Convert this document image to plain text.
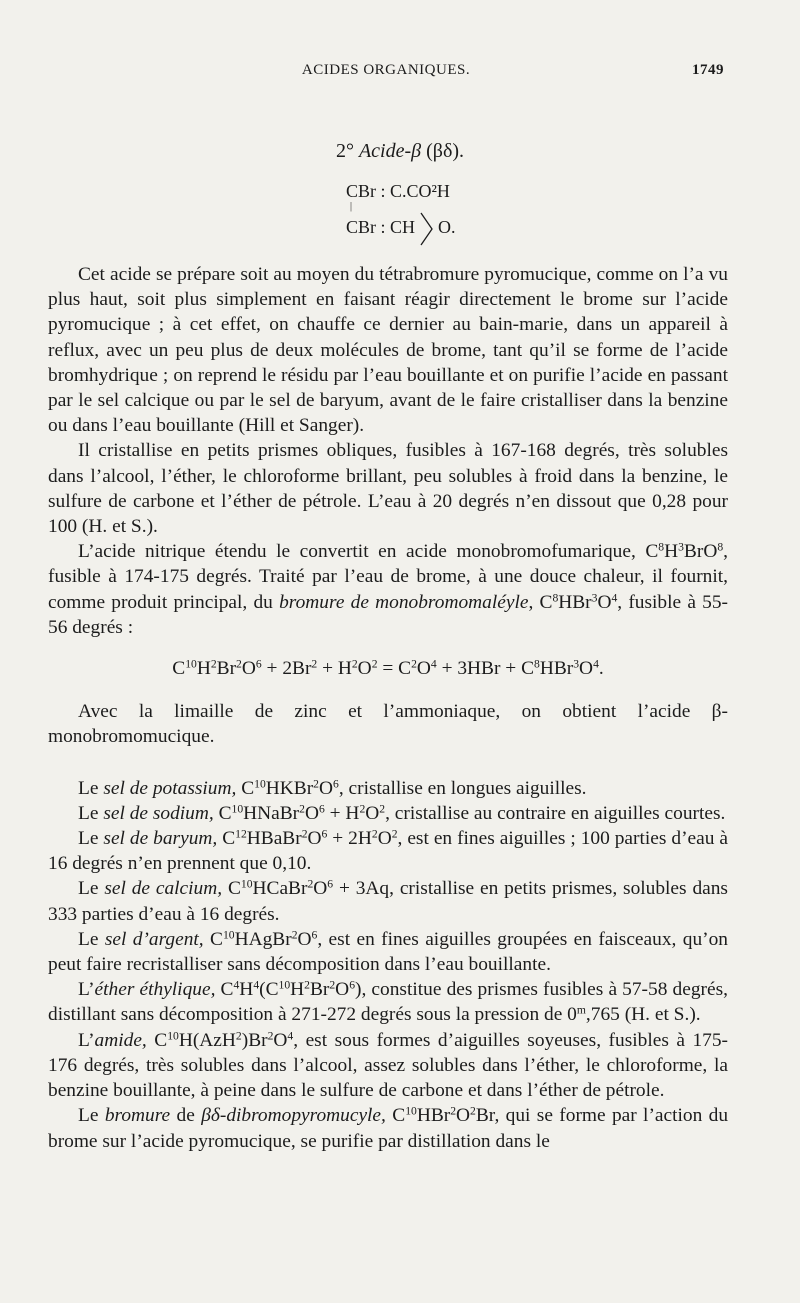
ACIDES ORGANIQUES.	1749
2° Acide-β (βδ).
CBr : C.CO²H
|
CBr : CH O.

Cet acide se prépare soit au moyen du tétrabromure pyromucique, comme on l’a vu plus haut, soit plus simplement en faisant réagir directement le brome sur l’acide pyromucique ; à cet effet, on chauffe ce dernier au bain-marie, dans un appareil à reflux, avec un peu plus de deux molécules de brome, tant qu’il se forme de l’acide bromhydrique ; on reprend le résidu par l’eau bouillante et on purifie l’acide en passant par le sel calcique ou par le sel de baryum, avant de le faire cristalliser dans la benzine ou dans l’eau bouillante (Hill et Sanger).

Il cristallise en petits prismes obliques, fusibles à 167-168 degrés, très solubles dans l’alcool, l’éther, le chloroforme brillant, peu solubles à froid dans la benzine, le sulfure de carbone et l’éther de pétrole. L’eau à 20 degrés n’en dissout que 0,28 pour 100 (H. et S.).

L’acide nitrique étendu le convertit en acide monobromofumarique, $C^8H^3BrO^8$, fusible à 174-175 degrés. Traité par l’eau de brome, à une douce chaleur, il fournit, comme produit principal, du bromure de monobromomaléyle, $C^8HBr^3O^4$, fusible à 55-56 degrés :

$C^{10}H^2Br^2O^6 + 2Br^2 + H^2O^2 = C^2O^4 + 3HBr + C^8HBr^3O^4$.

Avec la limaille de zinc et l’ammoniaque, on obtient l’acide β-monobromomucique.

Le sel de potassium, $C^{10}HKBr^2O^6$, cristallise en longues aiguilles.

Le sel de sodium, $C^{10}HNaBr^2O^6 + H^2O^2$, cristallise au contraire en aiguilles courtes.

Le sel de baryum, $C^{12}HBaBr^2O^6 + 2H^2O^2$, est en fines aiguilles ; 100 parties d’eau à 16 degrés n’en prennent que 0,10.

Le sel de calcium, $C^{10}HCaBr^2O^6 + 3Aq$, cristallise en petits prismes, solubles dans 333 parties d’eau à 16 degrés.

Le sel d’argent, $C^{10}HAgBr^2O^6$, est en fines aiguilles groupées en faisceaux, qu’on peut faire recristalliser sans décomposition dans l’eau bouillante.

L’éther éthylique, $C^4H^4(C^{10}H^2Br^2O^6)$, constitue des prismes fusibles à 57-58 degrés, distillant sans décomposition à 271-272 degrés sous la pression de 0$^m$,765 (H. et S.).

L’amide, $C^{10}H(AzH^2)Br^2O^4$, est sous formes d’aiguilles soyeuses, fusibles à 175-176 degrés, très solubles dans l’alcool, assez solubles dans l’éther, le chloroforme, la benzine bouillante, à peine dans le sulfure de carbone et dans l’éther de pétrole.

Le bromure de βδ-dibromopyromucyle, $C^{10}HBr^2O^2Br$, qui se forme par l’action du brome sur l’acide pyromucique, se purifie par distillation dans le
